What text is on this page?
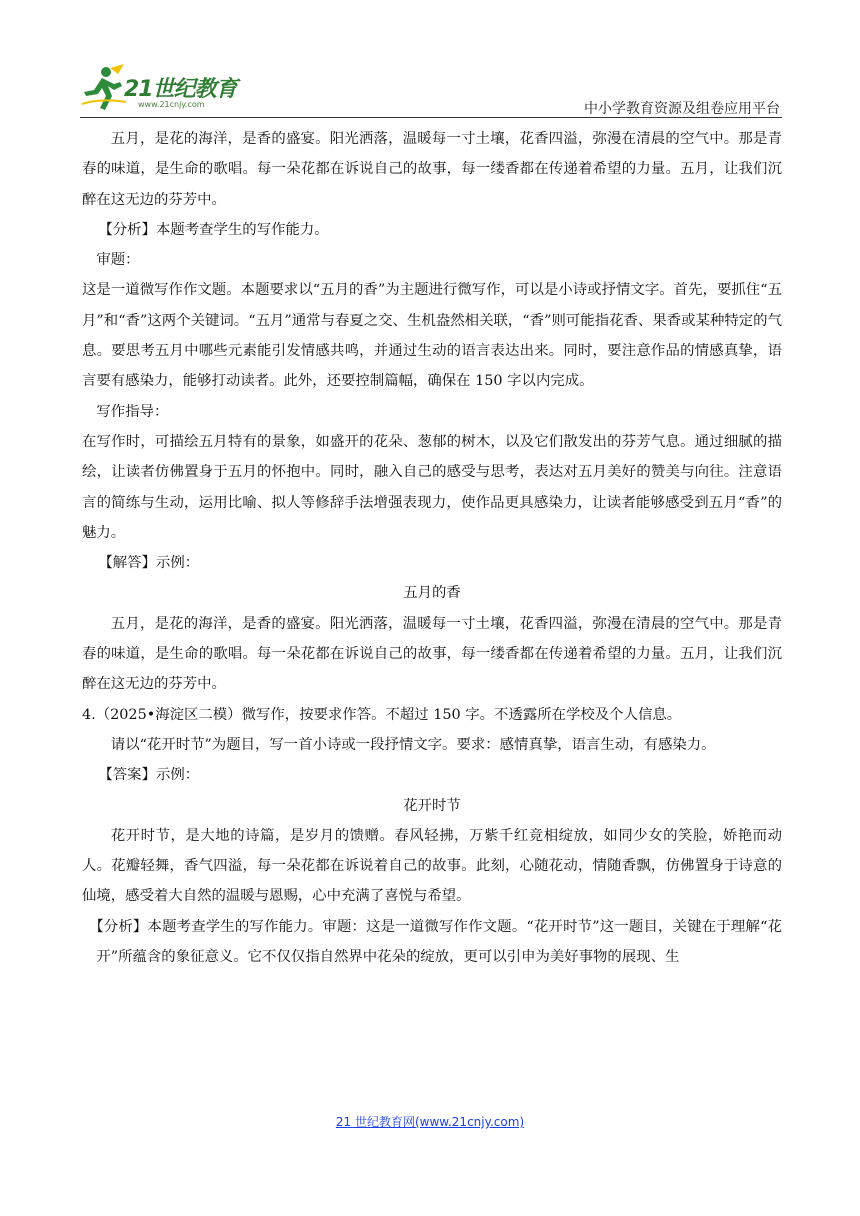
21世纪教育
www.21cnjy.com	中小学教育资源及组卷应用平台

五月，是花的海洋，是香的盛宴。阳光洒落，温暖每一寸土壤，花香四溢，弥漫在清晨的空气中。那是青春的味道，是生命的歌唱。每一朵花都在诉说自己的故事，每一缕香都在传递着希望的力量。五月，让我们沉醉在这无边的芬芳中。

【分析】本题考查学生的写作能力。

审题：

这是一道微写作作文题。本题要求以“五月的香”为主题进行微写作，可以是小诗或抒情文字。首先，要抓住“五月”和“香”这两个关键词。“五月”通常与春夏之交、生机盎然相关联，“香”则可能指花香、果香或某种特定的气息。要思考五月中哪些元素能引发情感共鸣，并通过生动的语言表达出来。同时，要注意作品的情感真挚，语言要有感染力，能够打动读者。此外，还要控制篇幅，确保在 150 字以内完成。

写作指导：

在写作时，可描绘五月特有的景象，如盛开的花朵、葱郁的树木，以及它们散发出的芬芳气息。通过细腻的描绘，让读者仿佛置身于五月的怀抱中。同时，融入自己的感受与思考，表达对五月美好的赞美与向往。注意语言的简练与生动，运用比喻、拟人等修辞手法增强表现力，使作品更具感染力，让读者能够感受到五月“香”的魅力。

【解答】示例：

五月的香

五月，是花的海洋，是香的盛宴。阳光洒落，温暖每一寸土壤，花香四溢，弥漫在清晨的空气中。那是青春的味道，是生命的歌唱。每一朵花都在诉说自己的故事，每一缕香都在传递着希望的力量。五月，让我们沉醉在这无边的芬芳中。

4.（2025•海淀区二模）微写作，按要求作答。不超过 150 字。不透露所在学校及个人信息。

请以“花开时节”为题目，写一首小诗或一段抒情文字。要求：感情真挚，语言生动，有感染力。

【答案】示例：

花开时节

花开时节，是大地的诗篇，是岁月的馈赠。春风轻拂，万紫千红竞相绽放，如同少女的笑脸，娇艳而动人。花瓣轻舞，香气四溢，每一朵花都在诉说着自己的故事。此刻，心随花动，情随香飘，仿佛置身于诗意的仙境，感受着大自然的温暖与恩赐，心中充满了喜悦与希望。

【分析】本题考查学生的写作能力。审题：这是一道微写作作文题。“花开时节”这一题目，关键在于理解“花开”所蕴含的象征意义。它不仅仅指自然界中花朵的绽放，更可以引申为美好事物的展现、生

21 世纪教育网(www.21cnjy.com)
